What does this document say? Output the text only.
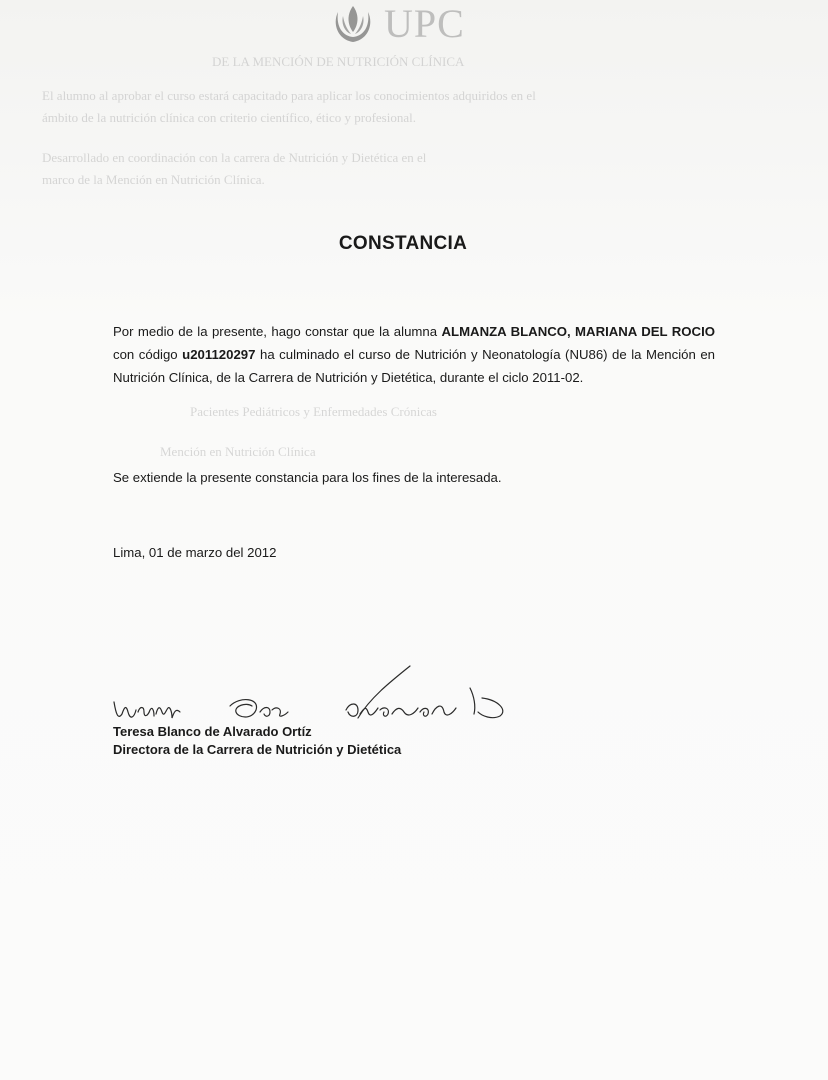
UPC
DE LA MENCIÓN DE NUTRICIÓN CLÍNICA
El alumno al aprobar el curso estará capacitado para aplicar los conocimientos adquiridos en el
ámbito de la nutrición clínica con criterio científico, ético y profesional.
Desarrollado en coordinación con la carrera de Nutrición y Dietética en el
marco de la Mención en Nutrición Clínica.
Pacientes Pediátricos y Enfermedades Crónicas
Mención en Nutrición Clínica
CONSTANCIA

Por medio de la presente, hago constar que la alumna ALMANZA BLANCO, MARIANA DEL ROCIO con código u201120297 ha culminado el curso de Nutrición y Neonatología (NU86) de la Mención en Nutrición Clínica, de la Carrera de Nutrición y Dietética, durante el ciclo 2011-02.

Se extiende la presente constancia para los fines de la interesada.

Lima, 01 de marzo del 2012

Teresa Blanco de Alvarado Ortíz
Directora de la Carrera de Nutrición y Dietética
